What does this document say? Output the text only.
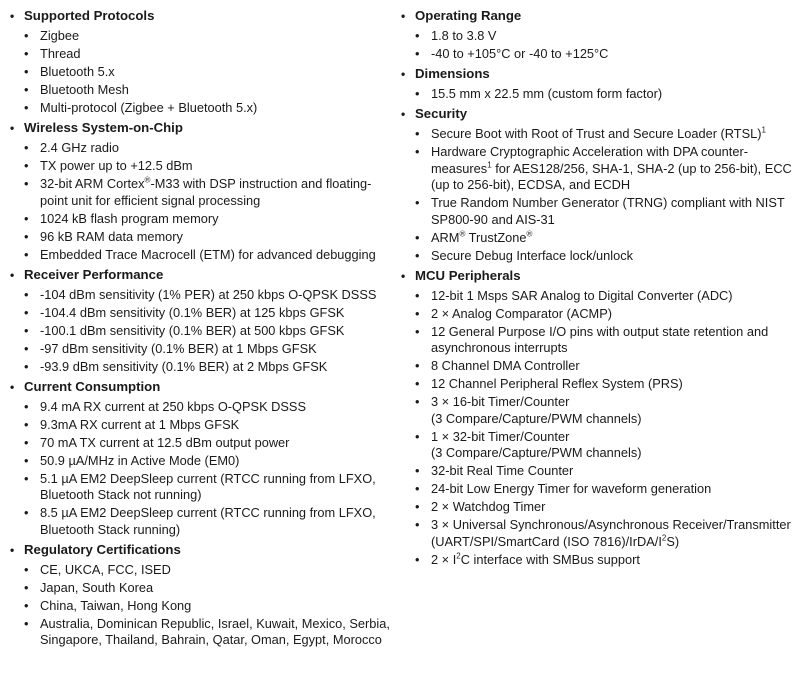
• Supported Protocols
• Zigbee
• Thread
• Bluetooth 5.x
• Bluetooth Mesh
• Multi-protocol (Zigbee + Bluetooth 5.x)
• Wireless System-on-Chip
• 2.4 GHz radio
• TX power up to +12.5 dBm
• 32-bit ARM Cortex®-M33 with DSP instruction and floating-point unit for efficient signal processing
• 1024 kB flash program memory
• 96 kB RAM data memory
• Embedded Trace Macrocell (ETM) for advanced debugging
• Receiver Performance
• -104 dBm sensitivity (1% PER) at 250 kbps O-QPSK DSSS
• -104.4 dBm sensitivity (0.1% BER) at 125 kbps GFSK
• -100.1 dBm sensitivity (0.1% BER) at 500 kbps GFSK
• -97 dBm sensitivity (0.1% BER) at 1 Mbps GFSK
• -93.9 dBm sensitivity (0.1% BER) at 2 Mbps GFSK
• Current Consumption
• 9.4 mA RX current at 250 kbps O-QPSK DSSS
• 9.3mA RX current at 1 Mbps GFSK
• 70 mA TX current at 12.5 dBm output power
• 50.9 µA/MHz in Active Mode (EM0)
• 5.1 µA EM2 DeepSleep current (RTCC running from LFXO, Bluetooth Stack not running)
• 8.5 µA EM2 DeepSleep current (RTCC running from LFXO, Bluetooth Stack running)
• Regulatory Certifications
• CE, UKCA, FCC, ISED
• Japan, South Korea
• China, Taiwan, Hong Kong
• Australia, Dominican Republic, Israel, Kuwait, Mexico, Serbia, Singapore, Thailand, Bahrain, Qatar, Oman, Egypt, Morocco
• Operating Range
• 1.8 to 3.8 V
• -40 to +105°C or -40 to +125°C
• Dimensions
• 15.5 mm x 22.5 mm (custom form factor)
• Security
• Secure Boot with Root of Trust and Secure Loader (RTSL)$^1$
• Hardware Cryptographic Acceleration with DPA counter-measures$^1$ for AES128/256, SHA-1, SHA-2 (up to 256-bit), ECC (up to 256-bit), ECDSA, and ECDH
• True Random Number Generator (TRNG) compliant with NIST SP800-90 and AIS-31
• ARM® TrustZone®
• Secure Debug Interface lock/unlock
• MCU Peripherals
• 12-bit 1 Msps SAR Analog to Digital Converter (ADC)
• 2 × Analog Comparator (ACMP)
• 12 General Purpose I/O pins with output state retention and asynchronous interrupts
• 8 Channel DMA Controller
• 12 Channel Peripheral Reflex System (PRS)
• 3 × 16-bit Timer/Counter
(3 Compare/Capture/PWM channels)
• 1 × 32-bit Timer/Counter
(3 Compare/Capture/PWM channels)
• 32-bit Real Time Counter
• 24-bit Low Energy Timer for waveform generation
• 2 × Watchdog Timer
• 3 × Universal Synchronous/Asynchronous Receiver/Transmitter (UART/SPI/SmartCard (ISO $7816)/IrDA/I^2S$)
• $2 \times I^2C$ interface with SMBus support
